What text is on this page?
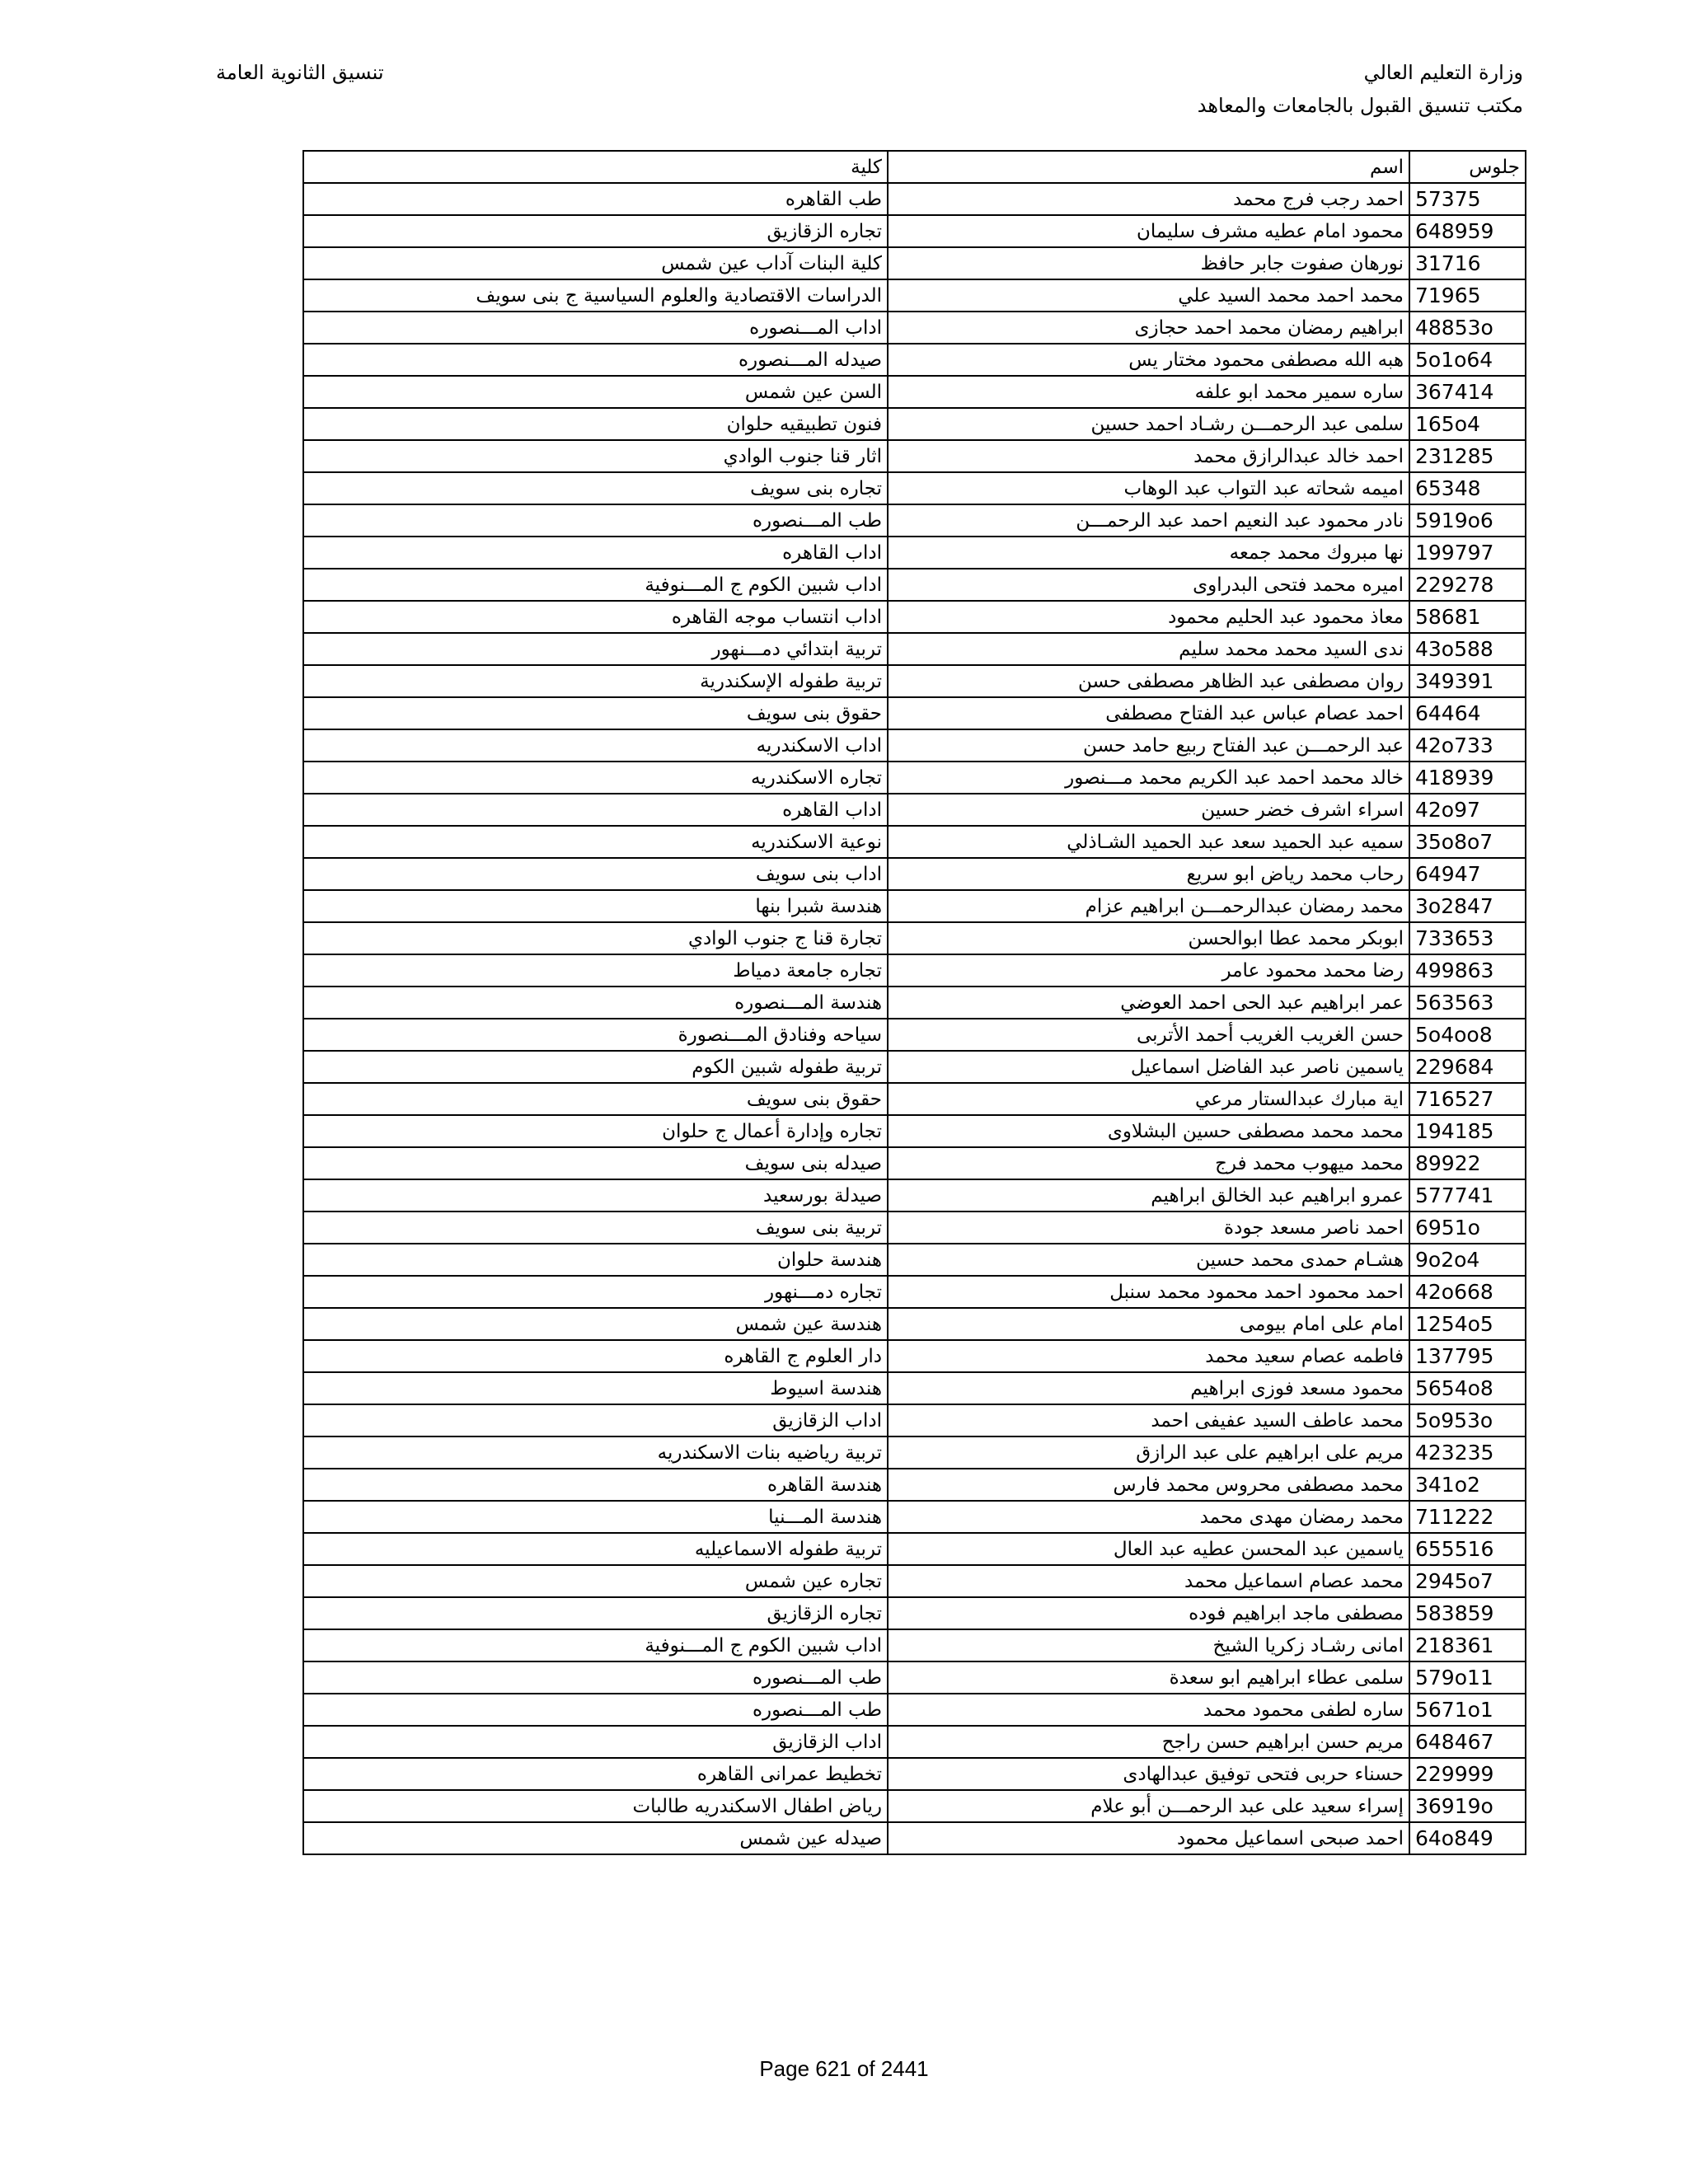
وزارة التعليم العالي
مكتب تنسيق القبول بالجامعات والمعاهد
تنسيق الثانوية العامة
جلوس	اسم	كلية
57375	احمد رجب فرج محمد	طب القاهره
648959	محمود امام عطيه مشرف سليمان	تجاره الزقازيق
31716	نورهان صفوت جابر حافظ	كلية البنات آداب عين شمس
71965	محمد احمد محمد السيد علي	الدراسات الاقتصادية والعلوم السياسية ج بنى سويف
48853o	ابراهيم رمضان محمد احمد حجازى	اداب المـــنصوره
5o1o64	هبه الله مصطفى محمود مختار يس	صيدله المـــنصوره
367414	ساره سمير محمد ابو علفه	السن عين شمس
165o4	سلمى عبد الرحمـــن رشـاد احمد حسين	فنون تطبيقيه حلوان
231285	احمد خالد عبدالرازق محمد	اثار قنا جنوب الوادي
65348	اميمه شحاته عبد التواب عبد الوهاب	تجاره بنى سويف
5919o6	نادر محمود عبد النعيم احمد عبد الرحمـــن	طب المـــنصوره
199797	نها مبروك محمد جمعه	اداب القاهره
229278	اميره محمد فتحى البدراوى	اداب شبين الكوم ج المـــنوفية
58681	معاذ محمود عبد الحليم محمود	اداب انتساب موجه القاهره
43o588	ندى السيد محمد محمد سليم	تربية ابتدائي دمـــنهور
349391	روان مصطفى عبد الظاهر مصطفى حسن	تربية طفوله الإسكندرية
64464	احمد عصام عباس عبد الفتاح مصطفى	حقوق بنى سويف
42o733	عبد الرحمـــن عبد الفتاح ربيع حامد حسن	اداب الاسكندريه
418939	خالد محمد احمد عبد الكريم محمد مـــنصور	تجاره الاسكندريه
42o97	اسراء اشرف خضر حسين	اداب القاهره
35o8o7	سميه عبد الحميد سعد عبد الحميد الشـاذلي	نوعية الاسكندريه
64947	رحاب محمد رياض ابو سريع	اداب بنى سويف
3o2847	محمد رمضان عبدالرحمـــن ابراهيم عزام	هندسة شبرا بنها
733653	ابوبكر محمد عطا ابوالحسن	تجارة قنا ج جنوب الوادي
499863	رضا محمد محمود عامر	تجاره جامعة دمياط
563563	عمر ابراهيم عبد الحى احمد العوضي	هندسة المـــنصوره
5o4oo8	حسن الغريب الغريب أحمد الأتربى	سياحه وفنادق المـــنصورة
229684	ياسمين ناصر عبد الفاضل اسماعيل	تربية طفوله شبين الكوم
716527	اية مبارك عبدالستار مرعي	حقوق بنى سويف
194185	محمد محمد مصطفى حسين البشلاوى	تجاره وإدارة أعمال ج حلوان
89922	محمد ميهوب محمد فرج	صيدله بنى سويف
577741	عمرو ابراهيم عبد الخالق ابراهيم	صيدلة بورسعيد
6951o	احمد ناصر مسعد جودة	تربية بنى سويف
9o2o4	هشـام حمدى محمد حسين	هندسة حلوان
42o668	احمد محمود احمد محمود محمد سنبل	تجاره دمـــنهور
1254o5	امام على امام بيومى	هندسة عين شمس
137795	فاطمه عصام سعيد محمد	دار العلوم ج القاهره
5654o8	محمود مسعد فوزى ابراهيم	هندسة اسيوط
5o953o	محمد عاطف السيد عفيفى احمد	اداب الزقازيق
423235	مريم على ابراهيم على عبد الرازق	تربية رياضيه بنات الاسكندريه
341o2	محمد مصطفى محروس محمد فارس	هندسة القاهره
711222	محمد رمضان مهدى محمد	هندسة المـــنيا
655516	ياسمين عبد المحسن عطيه عبد العال	تربية طفوله الاسماعيليه
2945o7	محمد عصام اسماعيل محمد	تجاره عين شمس
583859	مصطفى ماجد ابراهيم فوده	تجاره الزقازيق
218361	امانى رشـاد زكريا الشيخ	اداب شبين الكوم ج المـــنوفية
579o11	سلمى عطاء ابراهيم ابو سعدة	طب المـــنصوره
5671o1	ساره لطفى محمود محمد	طب المـــنصوره
648467	مريم حسن ابراهيم حسن راجح	اداب الزقازيق
229999	حسناء حربى فتحى توفيق عبدالهادى	تخطيط عمرانى القاهره
36919o	إسراء سعيد على عبد الرحمـــن أبو علام	رياض اطفال الاسكندريه طالبات
64o849	احمد صبحى اسماعيل محمود	صيدله عين شمس
Page 621 of 2441
